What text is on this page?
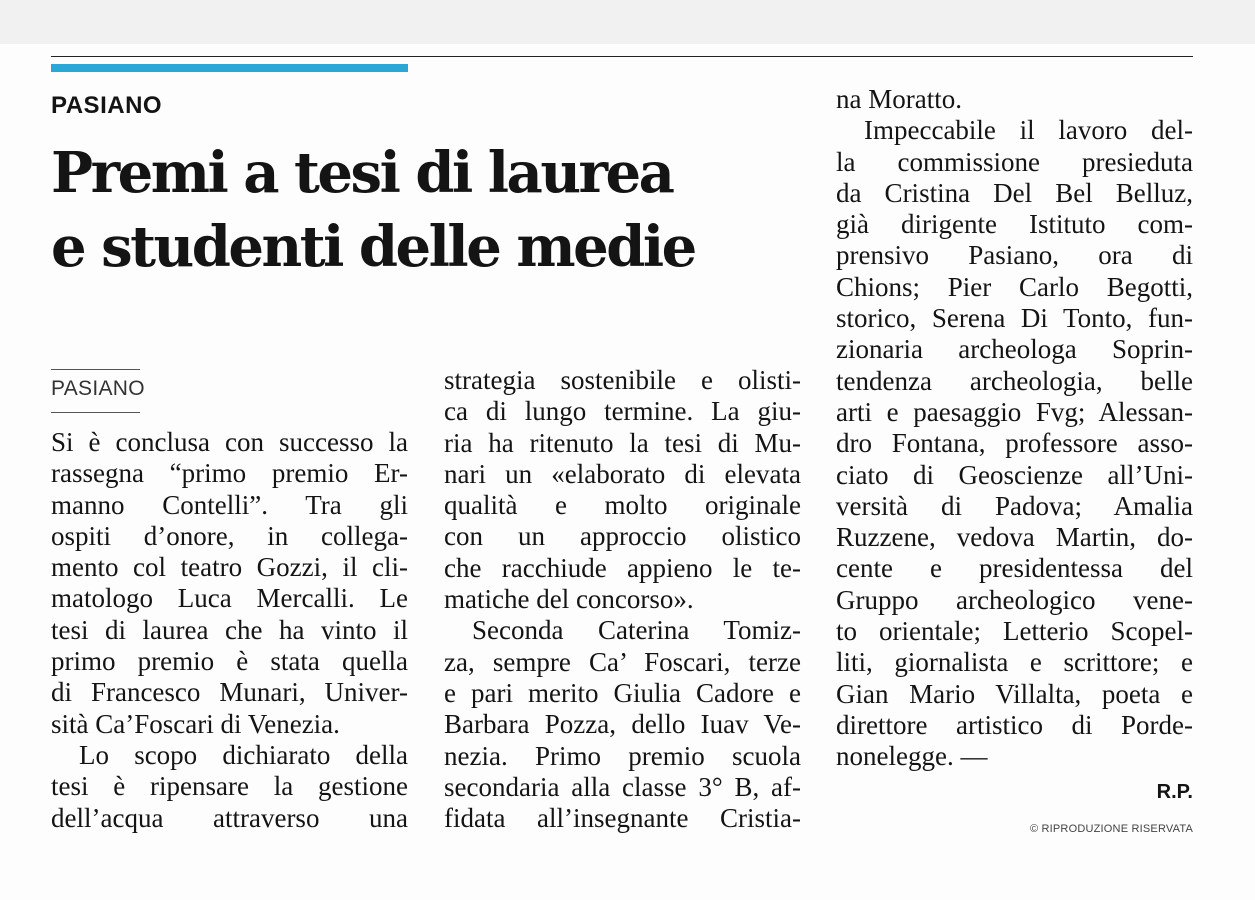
PASIANO
Premi a tesi di laurea
e studenti delle medie
PASIANO
Si è conclusa con successo la
rassegna “primo premio Er-
manno Contelli”. Tra gli
ospiti d’onore, in collega-
mento col teatro Gozzi, il cli-
matologo Luca Mercalli. Le
tesi di laurea che ha vinto il
primo premio è stata quella
di Francesco Munari, Univer-
sità Ca’Foscari di Venezia.
Lo scopo dichiarato della
tesi è ripensare la gestione
dell’acqua attraverso una
strategia sostenibile e olisti-
ca di lungo termine. La giu-
ria ha ritenuto la tesi di Mu-
nari un «elaborato di elevata
qualità e molto originale
con un approccio olistico
che racchiude appieno le te-
matiche del concorso».
Seconda Caterina Tomiz-
za, sempre Ca’ Foscari, terze
e pari merito Giulia Cadore e
Barbara Pozza, dello Iuav Ve-
nezia. Primo premio scuola
secondaria alla classe 3° B, af-
fidata all’insegnante Cristia-
na Moratto.
Impeccabile il lavoro del-
la commissione presieduta
da Cristina Del Bel Belluz,
già dirigente Istituto com-
prensivo Pasiano, ora di
Chions; Pier Carlo Begotti,
storico, Serena Di Tonto, fun-
zionaria archeologa Soprin-
tendenza archeologia, belle
arti e paesaggio Fvg; Alessan-
dro Fontana, professore asso-
ciato di Geoscienze all’Uni-
versità di Padova; Amalia
Ruzzene, vedova Martin, do-
cente e presidentessa del
Gruppo archeologico vene-
to orientale; Letterio Scopel-
liti, giornalista e scrittore; e
Gian Mario Villalta, poeta e
direttore artistico di Porde-
nonelegge. —
R.P.
© RIPRODUZIONE RISERVATA
